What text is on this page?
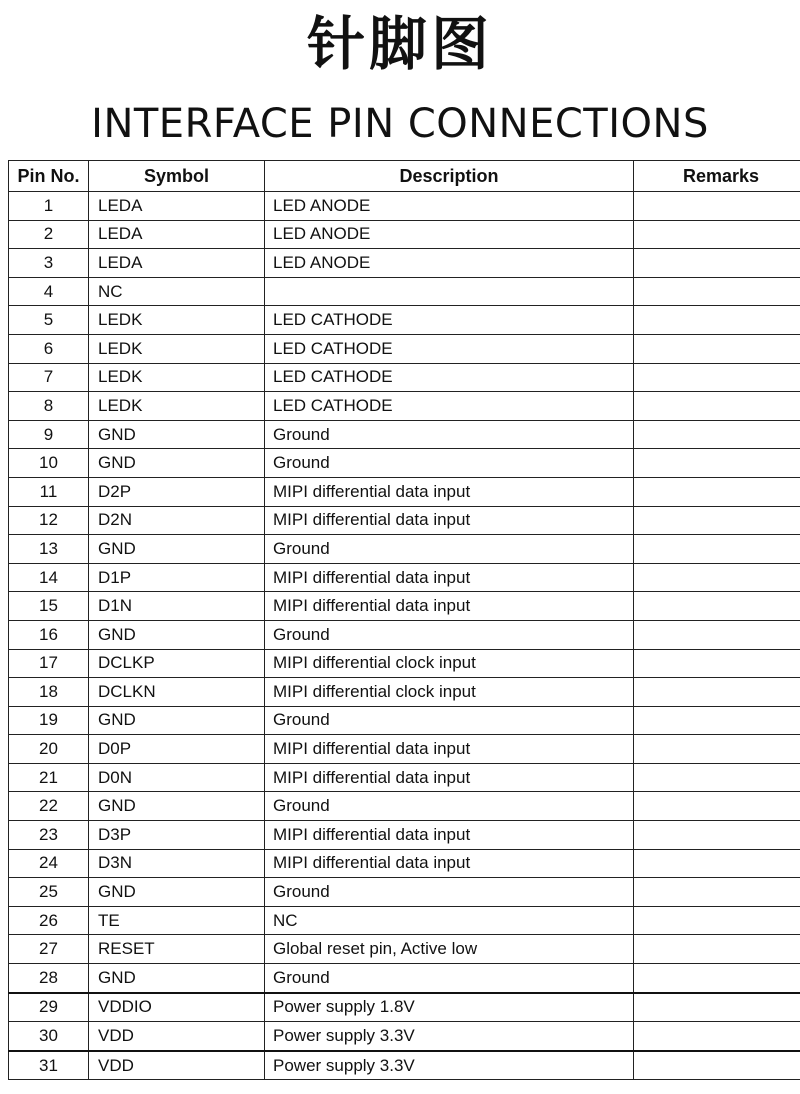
针脚图
INTERFACE PIN CONNECTIONS
Pin No.	Symbol	Description	Remarks
1	LEDA	LED ANODE	
2	LEDA	LED ANODE	
3	LEDA	LED ANODE	
4	NC		
5	LEDK	LED CATHODE	
6	LEDK	LED CATHODE	
7	LEDK	LED CATHODE	
8	LEDK	LED CATHODE	
9	GND	Ground	
10	GND	Ground	
11	D2P	MIPI differential data input	
12	D2N	MIPI differential data input	
13	GND	Ground	
14	D1P	MIPI differential data input	
15	D1N	MIPI differential data input	
16	GND	Ground	
17	DCLKP	MIPI differential clock input	
18	DCLKN	MIPI differential clock input	
19	GND	Ground	
20	D0P	MIPI differential data input	
21	D0N	MIPI differential data input	
22	GND	Ground	
23	D3P	MIPI differential data input	
24	D3N	MIPI differential data input	
25	GND	Ground	
26	TE	NC	
27	RESET	Global reset pin, Active low	
28	GND	Ground	
29	VDDIO	Power supply 1.8V	
30	VDD	Power supply 3.3V	
31	VDD	Power supply 3.3V	
